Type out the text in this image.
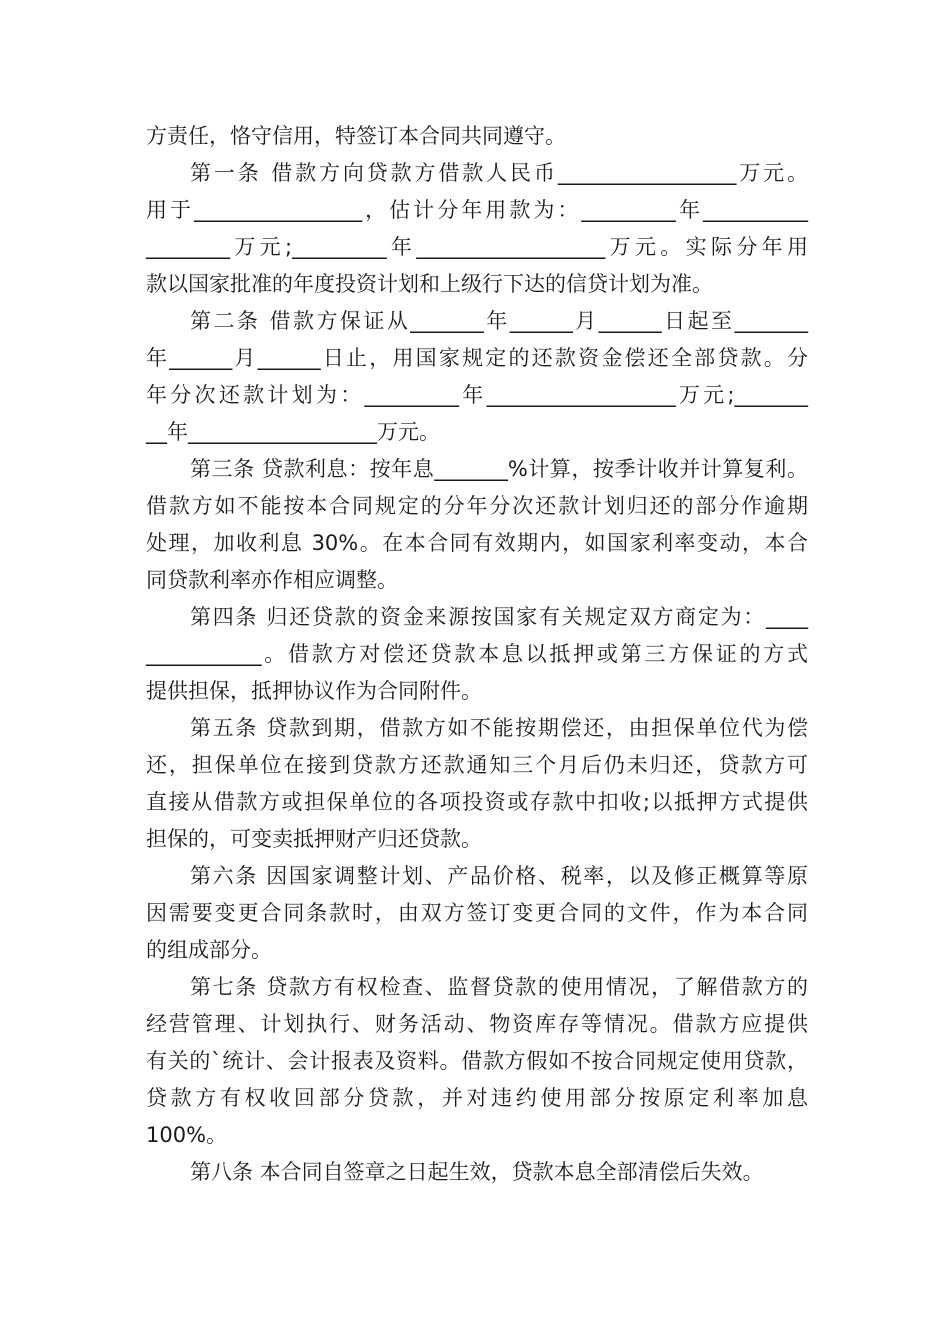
方责任，恪守信用，特签订本合同共同遵守。
第一条 借款方向贷款方借款人民币_________________万元。
用于________________，估计分年用款为：_________年__________
________万元;_________年__________________万元。实际分年用
款以国家批准的年度投资计划和上级行下达的信贷计划为准。
第二条 借款方保证从_______年______月______日起至_______
年______月______日止，用国家规定的还款资金偿还全部贷款。分
年分次还款计划为：_________年__________________万元;_______
__年__________________万元。
第三条 贷款利息：按年息_______%计算，按季计收并计算复利。
借款方如不能按本合同规定的分年分次还款计划归还的部分作逾期
处理，加收利息 30%。在本合同有效期内，如国家利率变动，本合
同贷款利率亦作相应调整。
第四条 归还贷款的资金来源按国家有关规定双方商定为：____
___________。借款方对偿还贷款本息以抵押或第三方保证的方式
提供担保，抵押协议作为合同附件。
第五条 贷款到期，借款方如不能按期偿还，由担保单位代为偿
还，担保单位在接到贷款方还款通知三个月后仍未归还，贷款方可
直接从借款方或担保单位的各项投资或存款中扣收;以抵押方式提供
担保的，可变卖抵押财产归还贷款。
第六条 因国家调整计划、产品价格、税率，以及修正概算等原
因需要变更合同条款时，由双方签订变更合同的文件，作为本合同
的组成部分。
第七条 贷款方有权检查、监督贷款的使用情况，了解借款方的
经营管理、计划执行、财务活动、物资库存等情况。借款方应提供
有关的`统计、会计报表及资料。借款方假如不按合同规定使用贷款，
贷款方有权收回部分贷款，并对违约使用部分按原定利率加息
100%。
第八条 本合同自签章之日起生效，贷款本息全部清偿后失效。
